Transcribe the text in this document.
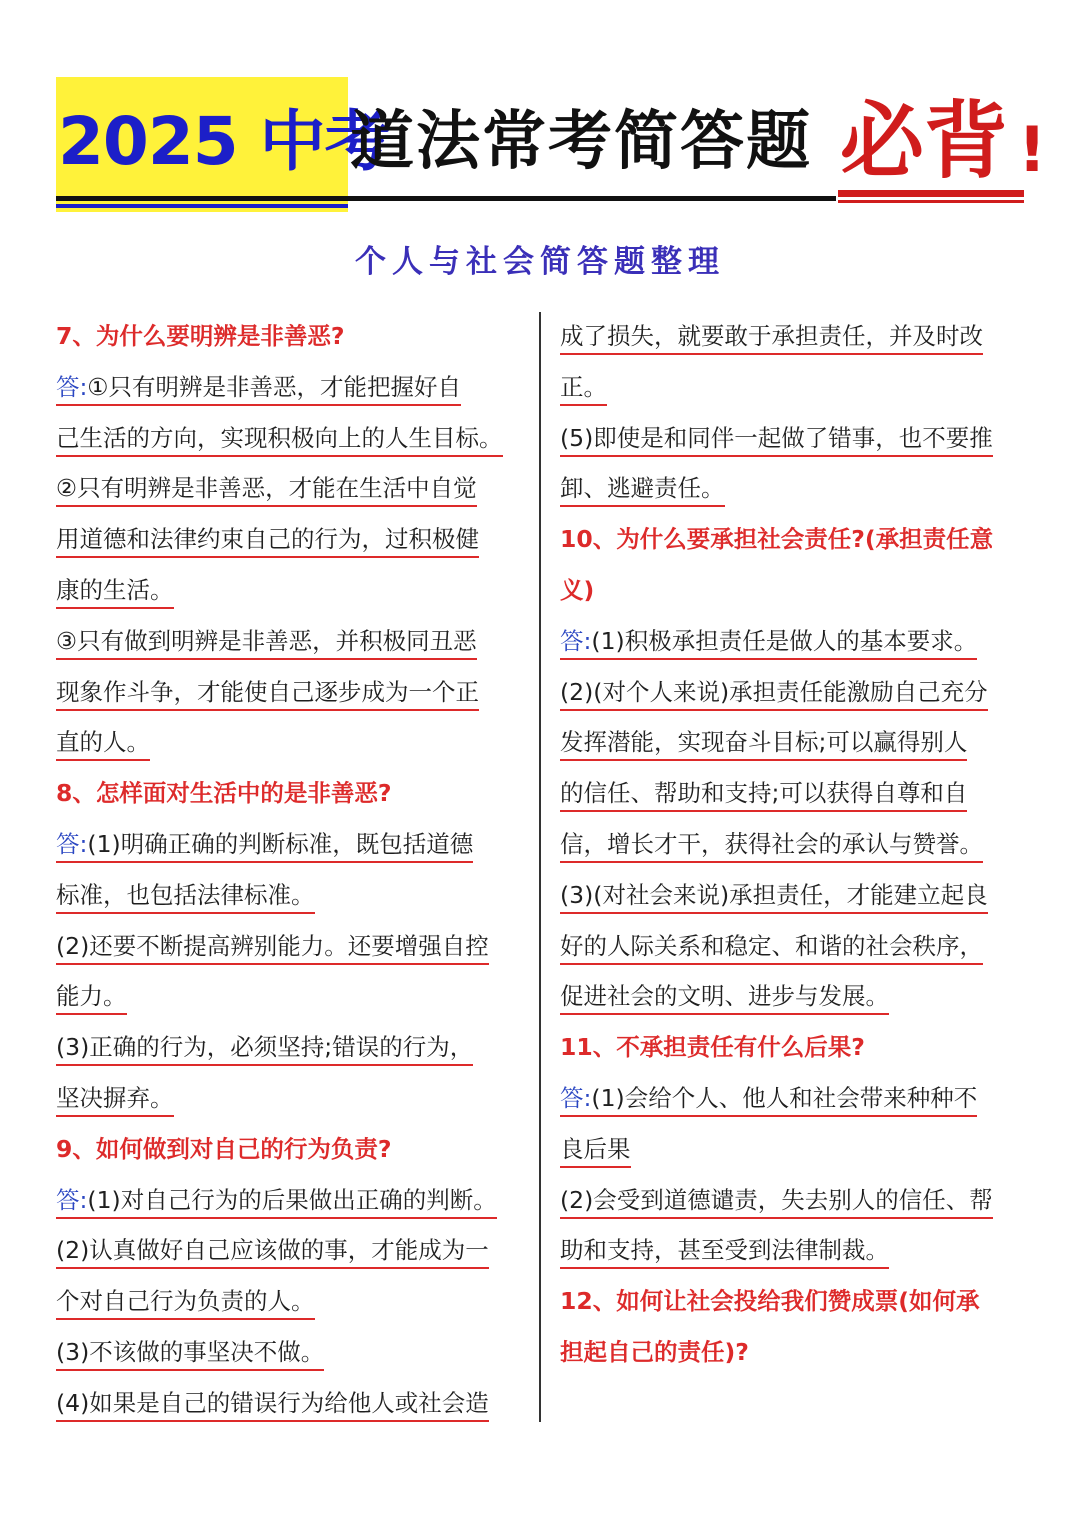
2025 中考
道法常考简答题 必背 !
个人与社会简答题整理
7、为什么要明辨是非善恶?
答:①只有明辨是非善恶，才能把握好自
己生活的方向，实现积极向上的人生目标。
②只有明辨是非善恶，才能在生活中自觉
用道德和法律约束自己的行为，过积极健
康的生活。
③只有做到明辨是非善恶，并积极同丑恶
现象作斗争，才能使自己逐步成为一个正
直的人。
8、怎样面对生活中的是非善恶?
答:(1)明确正确的判断标准，既包括道德
标准，也包括法律标准。
(2)还要不断提高辨别能力。还要增强自控
能力。
(3)正确的行为，必须坚持;错误的行为，
坚决摒弃。
9、如何做到对自己的行为负责?
答:(1)对自己行为的后果做出正确的判断。
(2)认真做好自己应该做的事，才能成为一
个对自己行为负责的人。
(3)不该做的事坚决不做。
(4)如果是自己的错误行为给他人或社会造
成了损失，就要敢于承担责任，并及时改
正。
(5)即使是和同伴一起做了错事，也不要推
卸、逃避责任。
10、为什么要承担社会责任?(承担责任意
义)
答:(1)积极承担责任是做人的基本要求。
(2)(对个人来说)承担责任能激励自己充分
发挥潜能，实现奋斗目标;可以赢得别人
的信任、帮助和支持;可以获得自尊和自
信，增长才干，获得社会的承认与赞誉。
(3)(对社会来说)承担责任，才能建立起良
好的人际关系和稳定、和谐的社会秩序，
促进社会的文明、进步与发展。
11、不承担责任有什么后果?
答:(1)会给个人、他人和社会带来种种不
良后果
(2)会受到道德谴责，失去别人的信任、帮
助和支持，甚至受到法律制裁。
12、如何让社会投给我们赞成票(如何承
担起自己的责任)?
